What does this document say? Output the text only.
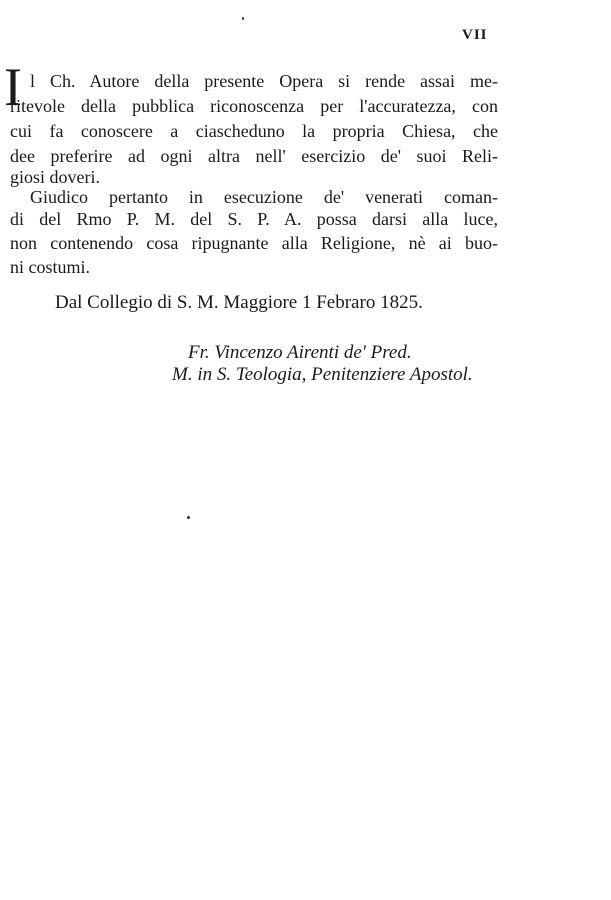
VII
I l Ch. Autore della presente Opera si rende assai me-
ritevole della pubblica riconoscenza per l'accuratezza, con
cui fa conoscere a ciascheduno la propria Chiesa, che
dee preferire ad ogni altra nell' esercizio de' suoi Reli-
giosi doveri.
Giudico pertanto in esecuzione de' venerati coman-
di del Rmo P. M. del S. P. A. possa darsi alla luce,
non contenendo cosa ripugnante alla Religione, nè ai buo-
ni costumi.
Dal Collegio di S. M. Maggiore 1 Febraro 1825.
Fr. Vincenzo Airenti de' Pred.
M. in S. Teologia, Penitenziere Apostol.
